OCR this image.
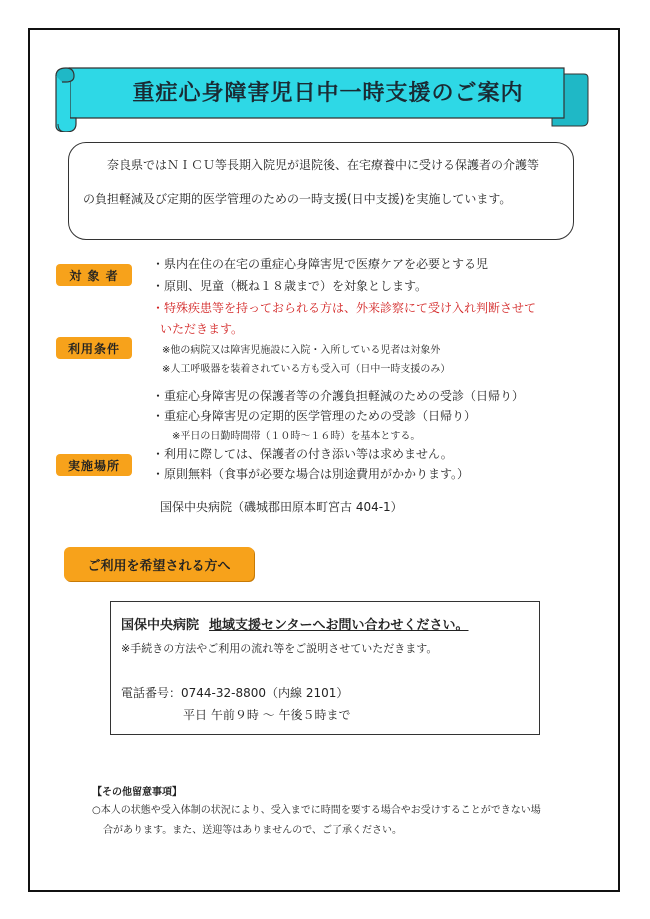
重症心身障害児日中一時支援のご案内

奈良県ではＮＩＣＵ等長期入院児が退院後、在宅療養中に受ける保護者の介護等

の負担軽減及び定期的医学管理のための一時支援(日中支援)を実施しています。

対 象 者
利用条件
実施場所
・県内在住の在宅の重症心身障害児で医療ケアを必要とする児
・原則、児童（概ね１８歳まで）を対象とします。
・特殊疾患等を持っておられる方は、外来診察にて受け入れ判断させて
いただきます。
※他の病院又は障害児施設に入院・入所している児者は対象外
※人工呼吸器を装着されている方も受入可（日中一時支援のみ）
・重症心身障害児の保護者等の介護負担軽減のための受診（日帰り）
・重症心身障害児の定期的医学管理のための受診（日帰り）
※平日の日勤時間帯（１０時～１６時）を基本とする。
・利用に際しては、保護者の付き添い等は求めません。
・原則無料（食事が必要な場合は別途費用がかかります。）
国保中央病院（磯城郡田原本町宮古 404-1）
ご利用を希望される方へ
国保中央病院 地域支援センターへお問い合わせください。
※手続きの方法やご利用の流れ等をご説明させていただきます。
電話番号：0744-32-8800（内線 2101）
平日 午前９時 ～ 午後５時まで
【その他留意事項】
○本人の状態や受入体制の状況により、受入までに時間を要する場合やお受けすることができない場
合があります。また、送迎等はありませんので、ご了承ください。
